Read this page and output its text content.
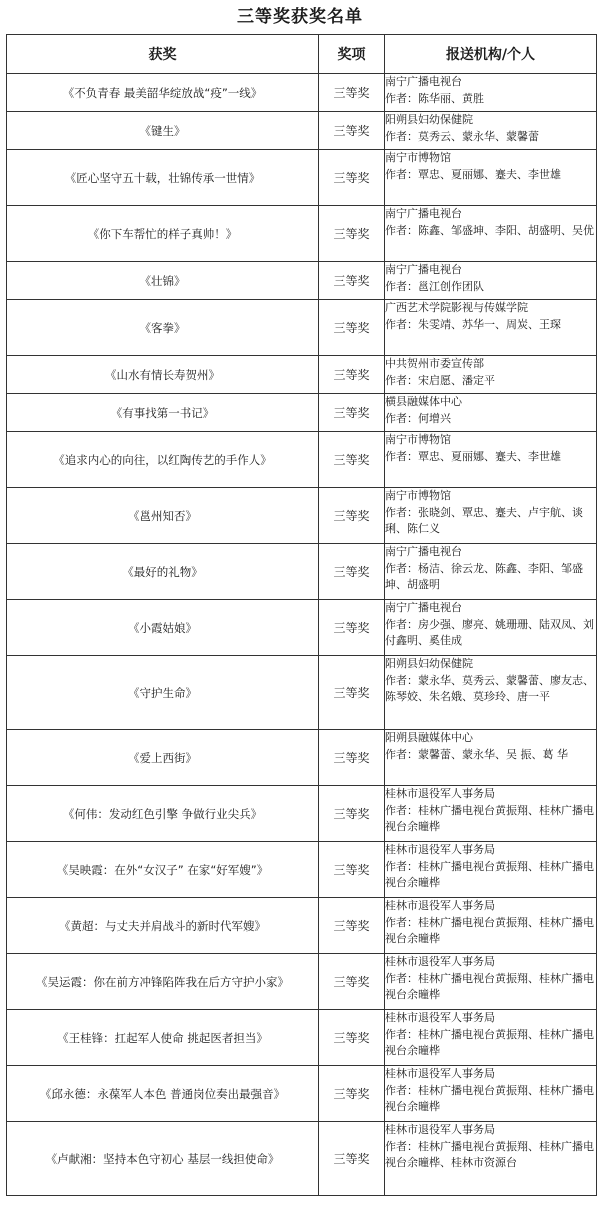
三等奖获奖名单
获奖	奖项	报送机构/个人
《不负青春 最美韶华绽放战“疫”一线》	三等奖	南宁广播电视台
作者：陈华丽、黄胜

《键生》	三等奖	阳朔县妇幼保健院
作者：莫秀云、蒙永华、蒙馨蕾

《匠心坚守五十载，壮锦传承一世情》	三等奖	南宁市博物馆
作者：覃忠、夏丽娜、蹇夫、李世雄

《你下车帮忙的样子真帅！》	三等奖	南宁广播电视台
作者：陈鑫、邹盛坤、李阳、胡盛明、吴优

《壮锦》	三等奖	南宁广播电视台
作者：邕江创作团队

《客拳》	三等奖	广西艺术学院影视与传媒学院
作者：朱雯靖、苏华一、周炭、王琛

《山水有情长寿贺州》	三等奖	中共贺州市委宣传部
作者：宋启愿、潘定平

《有事找第一书记》	三等奖	横县融媒体中心
作者：何增兴

《追求内心的向往，以红陶传艺的手作人》	三等奖	南宁市博物馆
作者：覃忠、夏丽娜、蹇夫、李世雄

《邕州知否》	三等奖	南宁市博物馆
作者：张晓剑、覃忠、蹇夫、卢宇航、谈琍、陈仁义

《最好的礼物》	三等奖	南宁广播电视台
作者：杨洁、徐云龙、陈鑫、李阳、邹盛坤、胡盛明

《小霞姑娘》	三等奖	南宁广播电视台
作者：房少强、廖亮、姚珊珊、陆双凤、刘付鑫明、奚佳成

《守护生命》	三等奖	阳朔县妇幼保健院
作者：蒙永华、莫秀云、蒙馨蕾、廖友志、陈琴姣、朱名娥、莫珍玲、唐一平

《爱上西街》	三等奖	阳朔县融媒体中心
作者：蒙馨蕾、蒙永华、吴 振、葛 华

《何伟：发动红色引擎 争做行业尖兵》	三等奖	桂林市退役军人事务局
作者：桂林广播电视台黄振翔、桂林广播电视台余曈桦

《吴映霞：在外“女汉子” 在家“好军嫂”》	三等奖	桂林市退役军人事务局
作者：桂林广播电视台黄振翔、桂林广播电视台余曈桦

《黄超：与丈夫并肩战斗的新时代军嫂》	三等奖	桂林市退役军人事务局
作者：桂林广播电视台黄振翔、桂林广播电视台余曈桦

《吴运霞：你在前方冲锋陷阵我在后方守护小家》	三等奖	桂林市退役军人事务局
作者：桂林广播电视台黄振翔、桂林广播电视台余曈桦

《王桂锋：扛起军人使命 挑起医者担当》	三等奖	桂林市退役军人事务局
作者：桂林广播电视台黄振翔、桂林广播电视台余曈桦

《邱永德：永葆军人本色 普通岗位奏出最强音》	三等奖	桂林市退役军人事务局
作者：桂林广播电视台黄振翔、桂林广播电视台余曈桦

《卢献湘：坚持本色守初心 基层一线担使命》	三等奖	桂林市退役军人事务局
作者：桂林广播电视台黄振翔、桂林广播电视台余曈桦、桂林市资源台
